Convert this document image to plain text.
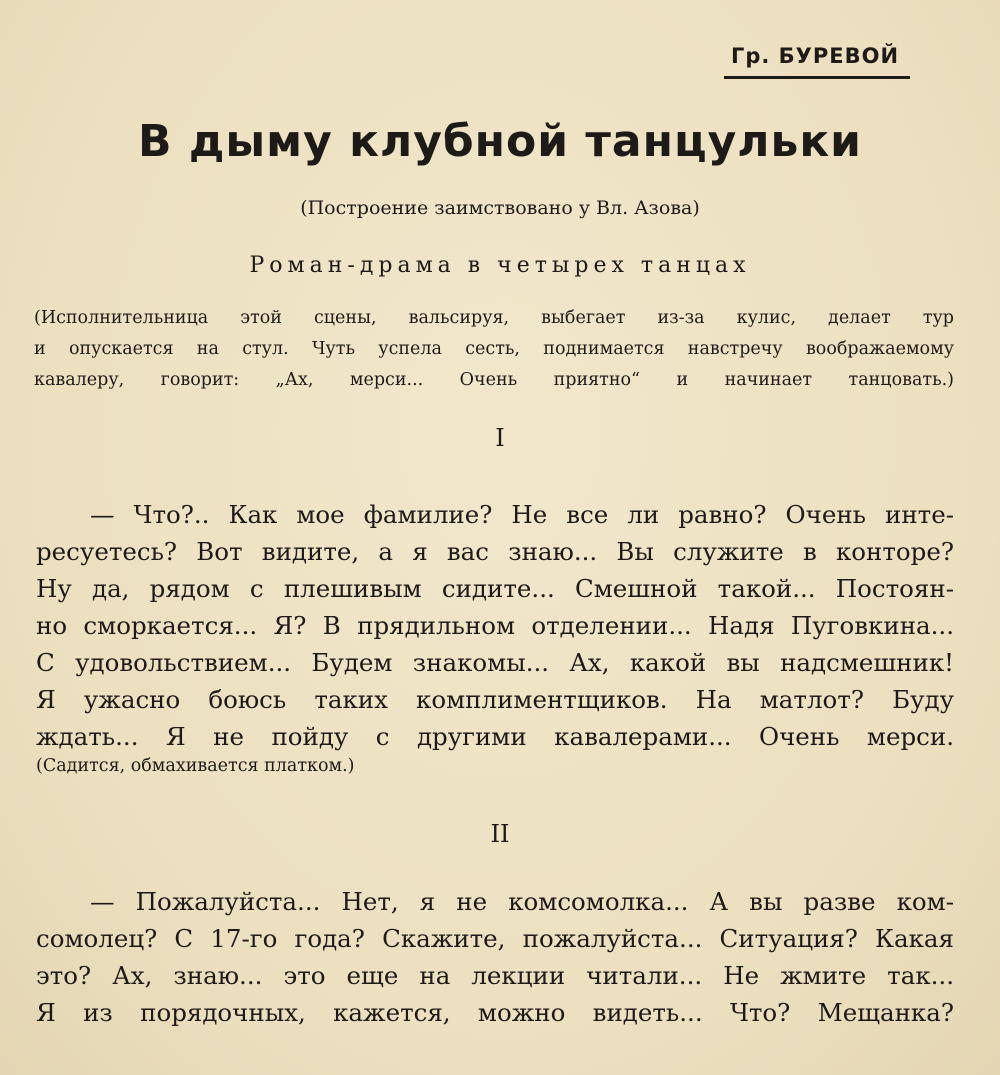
Гр. БУРЕВОЙ
В дыму клубной танцульки
(Построение заимствовано у Вл. Азова)
Роман-драма в четырех танцах
(Исполнительница этой сцены, вальсируя, выбегает из-за кулис, делает тур
и опускается на стул. Чуть успела сесть, поднимается навстречу воображаемому
кавалеру, говорит: „Ах, мерси... Очень приятно“ и начинает танцовать.)
I
— Что?.. Как мое фамилие? Не все ли равно? Очень инте-
ресуетесь? Вот видите, а я вас знаю... Вы служите в конторе?
Ну да, рядом с плешивым сидите... Смешной такой... Постоян-
но сморкается... Я? В прядильном отделении... Надя Пуговкина...
С удовольствием... Будем знакомы... Ах, какой вы надсмешник!
Я ужасно боюсь таких комплиментщиков. На матлот? Буду
ждать... Я не пойду с другими кавалерами... Очень мерси.
(Садится, обмахивается платком.)
II
— Пожалуйста... Нет, я не комсомолка... А вы разве ком-
сомолец? С 17-го года? Скажите, пожалуйста... Ситуация? Какая
это? Ах, знаю... это еще на лекции читали... Не жмите так...
Я из порядочных, кажется, можно видеть... Что? Мещанка?
